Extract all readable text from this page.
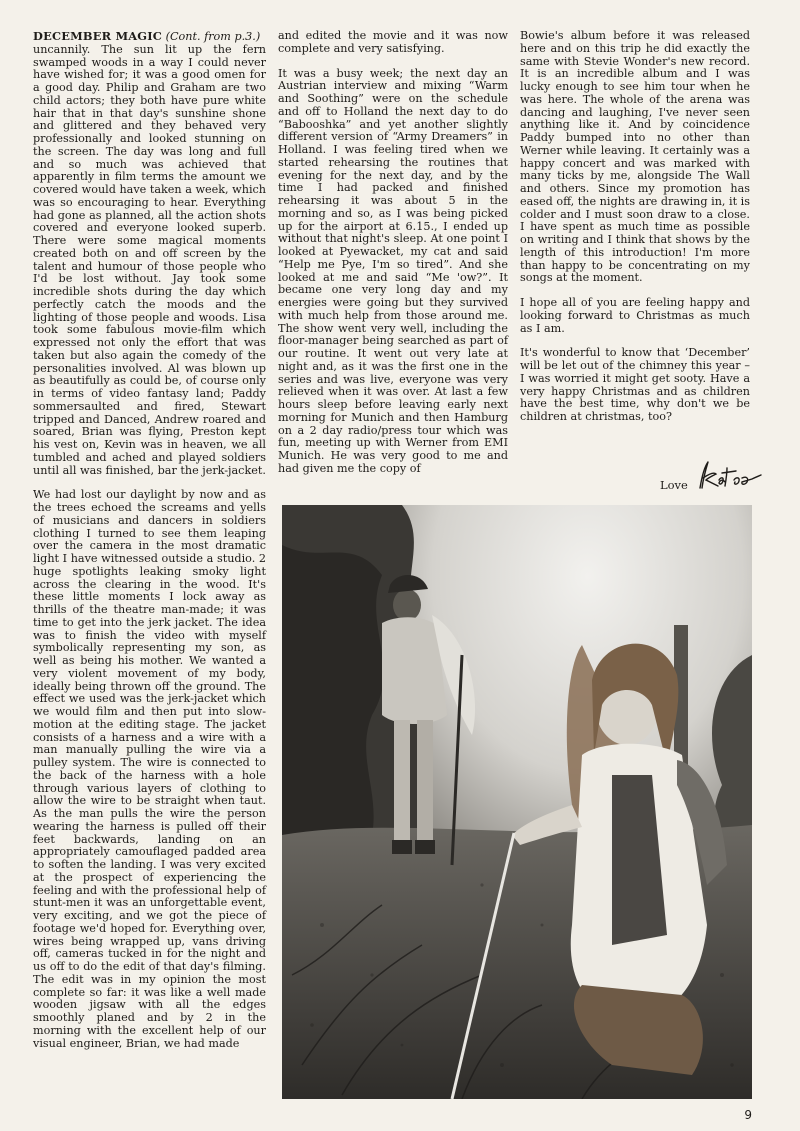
DECEMBER MAGIC (Cont. from p.3.)
uncannily. The sun lit up the fern swamped woods in a way I could never have wished for; it was a good omen for a good day. Philip and Graham are two child actors; they both have pure white hair that in that day's sunshine shone and glittered and they behaved very professionally and looked stunning on the screen. The day was long and full and so much was achieved that apparently in film terms the amount we covered would have taken a week, which was so encouraging to hear. Everything had gone as planned, all the action shots covered and everyone looked superb. There were some magical moments created both on and off screen by the talent and humour of those people who I'd be lost without. Jay took some incredible shots during the day which perfectly catch the moods and the lighting of those people and woods. Lisa took some fabulous movie-film which expressed not only the effort that was taken but also again the comedy of the personalities involved. Al was blown up as beautifully as could be, of course only in terms of video fantasy land; Paddy sommersaulted and fired, Stewart tripped and Danced, Andrew roared and soared, Brian was flying, Preston kept his vest on, Kevin was in heaven, we all tumbled and ached and played soldiers until all was finished, bar the jerk-jacket.

We had lost our daylight by now and as the trees echoed the screams and yells of musicians and dancers in soldiers clothing I turned to see them leaping over the camera in the most dramatic light I have witnessed outside a studio. 2 huge spotlights leaking smoky light across the clearing in the wood. It's these little moments I lock away as thrills of the theatre man-made; it was time to get into the jerk jacket. The idea was to finish the video with myself symbolically representing my son, as well as being his mother. We wanted a very violent movement of my body, ideally being thrown off the ground. The effect we used was the jerk-jacket which we would film and then put into slow-motion at the editing stage. The jacket consists of a harness and a wire with a man manually pulling the wire via a pulley system. The wire is connected to the back of the harness with a hole through various layers of clothing to allow the wire to be straight when taut. As the man pulls the wire the person wearing the harness is pulled off their feet backwards, landing on an appropriately camouflaged padded area to soften the landing. I was very excited at the prospect of experiencing the feeling and with the professional help of stunt-men it was an unforgettable event, very exciting, and we got the piece of footage we'd hoped for. Everything over, wires being wrapped up, vans driving off, cameras tucked in for the night and us off to do the edit of that day's filming. The edit was in my opinion the most complete so far: it was like a well made wooden jigsaw with all the edges smoothly planed and by 2 in the morning with the excellent help of our visual engineer, Brian, we had made

and edited the movie and it was now complete and very satisfying.

It was a busy week; the next day an Austrian interview and mixing “Warm and Soothing” were on the schedule and off to Holland the next day to do “Babooshka” and yet another slightly different version of “Army Dreamers” in Holland. I was feeling tired when we started rehearsing the routines that evening for the next day, and by the time I had packed and finished rehearsing it was about 5 in the morning and so, as I was being picked up for the airport at 6.15., I ended up without that night's sleep. At one point I looked at Pyewacket, my cat and said “Help me Pye, I'm so tired”. And she looked at me and said “Me 'ow?”. It became one very long day and my energies were going but they survived with much help from those around me. The show went very well, including the floor-manager being searched as part of our routine. It went out very late at night and, as it was the first one in the series and was live, everyone was very relieved when it was over. At last a few hours sleep before leaving early next morning for Munich and then Hamburg on a 2 day radio/press tour which was fun, meeting up with Werner from EMI Munich. He was very good to me and had given me the copy of

Bowie's album before it was released here and on this trip he did exactly the same with Stevie Wonder's new record. It is an incredible album and I was lucky enough to see him tour when he was here. The whole of the arena was dancing and laughing, I've never seen anything like it. And by coincidence Paddy bumped into no other than Werner while leaving. It certainly was a happy concert and was marked with many ticks by me, alongside The Wall and others. Since my promotion has eased off, the nights are drawing in, it is colder and I must soon draw to a close. I have spent as much time as possible on writing and I think that shows by the length of this introduction! I'm more than happy to be concentrating on my songs at the moment.

I hope all of you are feeling happy and looking forward to Christmas as much as I am.

It's wonderful to know that ‘December’ will be let out of the chimney this year – I was worried it might get sooty. Have a very happy Christmas and as children have the best time, why don't we be children at christmas, too?

Love
9
